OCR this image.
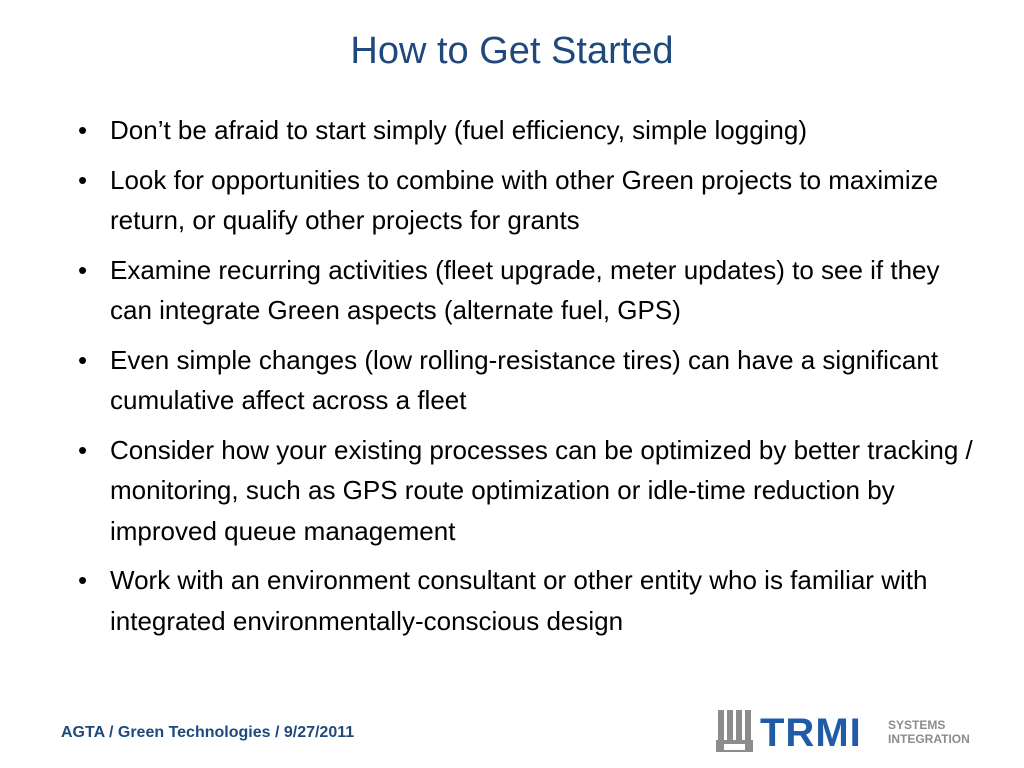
How to Get Started
• Don’t be afraid to start simply (fuel efficiency, simple logging)
• Look for opportunities to combine with other Green projects to maximize return, or qualify other projects for grants
• Examine recurring activities (fleet upgrade, meter updates) to see if they can integrate Green aspects (alternate fuel, GPS)
• Even simple changes (low rolling-resistance tires) can have a significant cumulative affect across a fleet
• Consider how your existing processes can be optimized by better tracking / monitoring, such as GPS route optimization or idle-time reduction by improved queue management
• Work with an environment consultant or other entity who is familiar with integrated environmentally-conscious design
AGTA / Green Technologies / 9/27/2011	TRMI SYSTEMS
INTEGRATION
